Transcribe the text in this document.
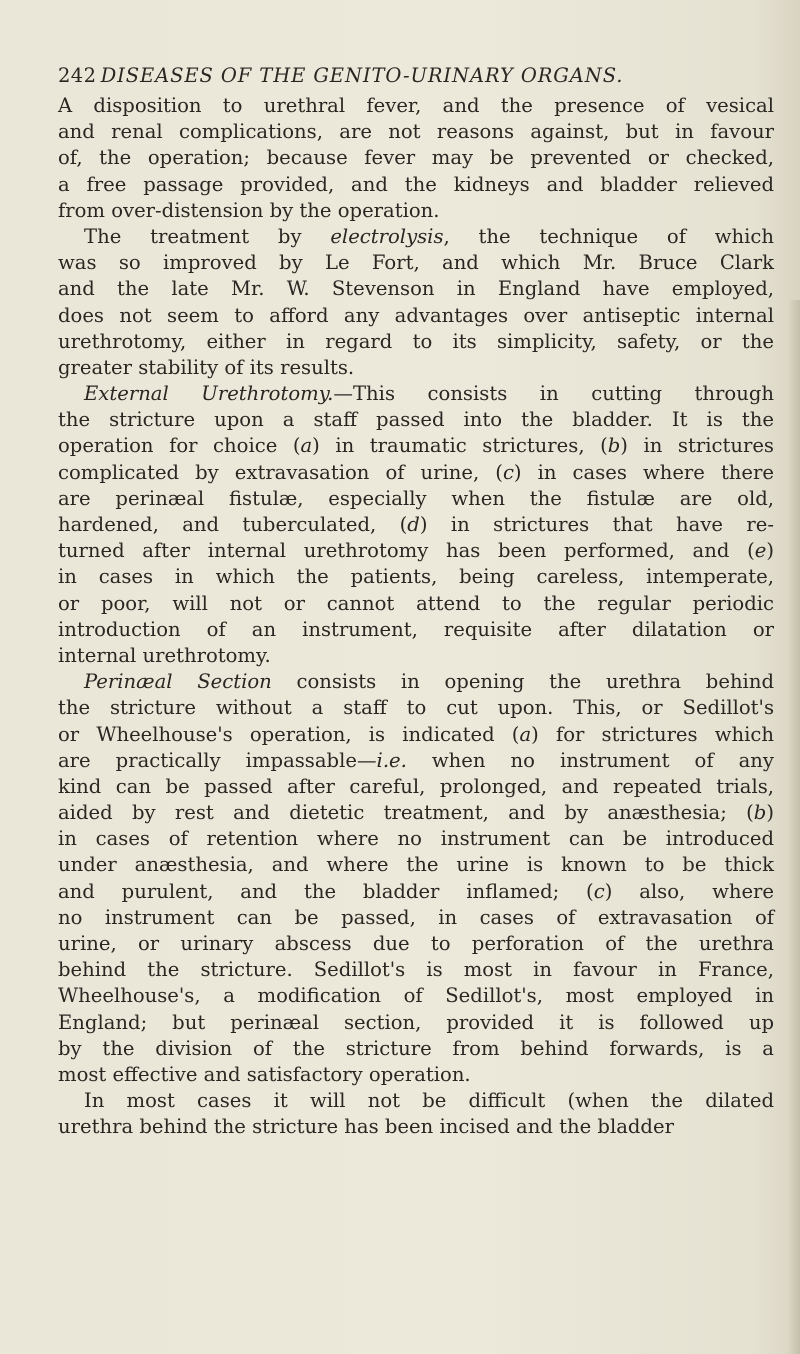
242 DISEASES OF THE GENITO-URINARY ORGANS.
A disposition to urethral fever, and the presence of vesical
and renal complications, are not reasons against, but in favour
of, the operation; because fever may be prevented or checked,
a free passage provided, and the kidneys and bladder relieved
from over-distension by the operation.
The treatment by electrolysis, the technique of which
was so improved by Le Fort, and which Mr. Bruce Clark
and the late Mr. W. Stevenson in England have employed,
does not seem to afford any advantages over antiseptic internal
urethrotomy, either in regard to its simplicity, safety, or the
greater stability of its results.
External Urethrotomy.—This consists in cutting through
the stricture upon a staff passed into the bladder. It is the
operation for choice (a) in traumatic strictures, (b) in strictures
complicated by extravasation of urine, (c) in cases where there
are perinæal fistulæ, especially when the fistulæ are old,
hardened, and tuberculated, (d) in strictures that have re-
turned after internal urethrotomy has been performed, and (e)
in cases in which the patients, being careless, intemperate,
or poor, will not or cannot attend to the regular periodic
introduction of an instrument, requisite after dilatation or
internal urethrotomy.
Perinæal Section consists in opening the urethra behind
the stricture without a staff to cut upon. This, or Sedillot's
or Wheelhouse's operation, is indicated (a) for strictures which
are practically impassable—i.e. when no instrument of any
kind can be passed after careful, prolonged, and repeated trials,
aided by rest and dietetic treatment, and by anæsthesia; (b)
in cases of retention where no instrument can be introduced
under anæsthesia, and where the urine is known to be thick
and purulent, and the bladder inflamed; (c) also, where
no instrument can be passed, in cases of extravasation of
urine, or urinary abscess due to perforation of the urethra
behind the stricture. Sedillot's is most in favour in France,
Wheelhouse's, a modification of Sedillot's, most employed in
England; but perinæal section, provided it is followed up
by the division of the stricture from behind forwards, is a
most effective and satisfactory operation.
In most cases it will not be difficult (when the dilated
urethra behind the stricture has been incised and the bladder
